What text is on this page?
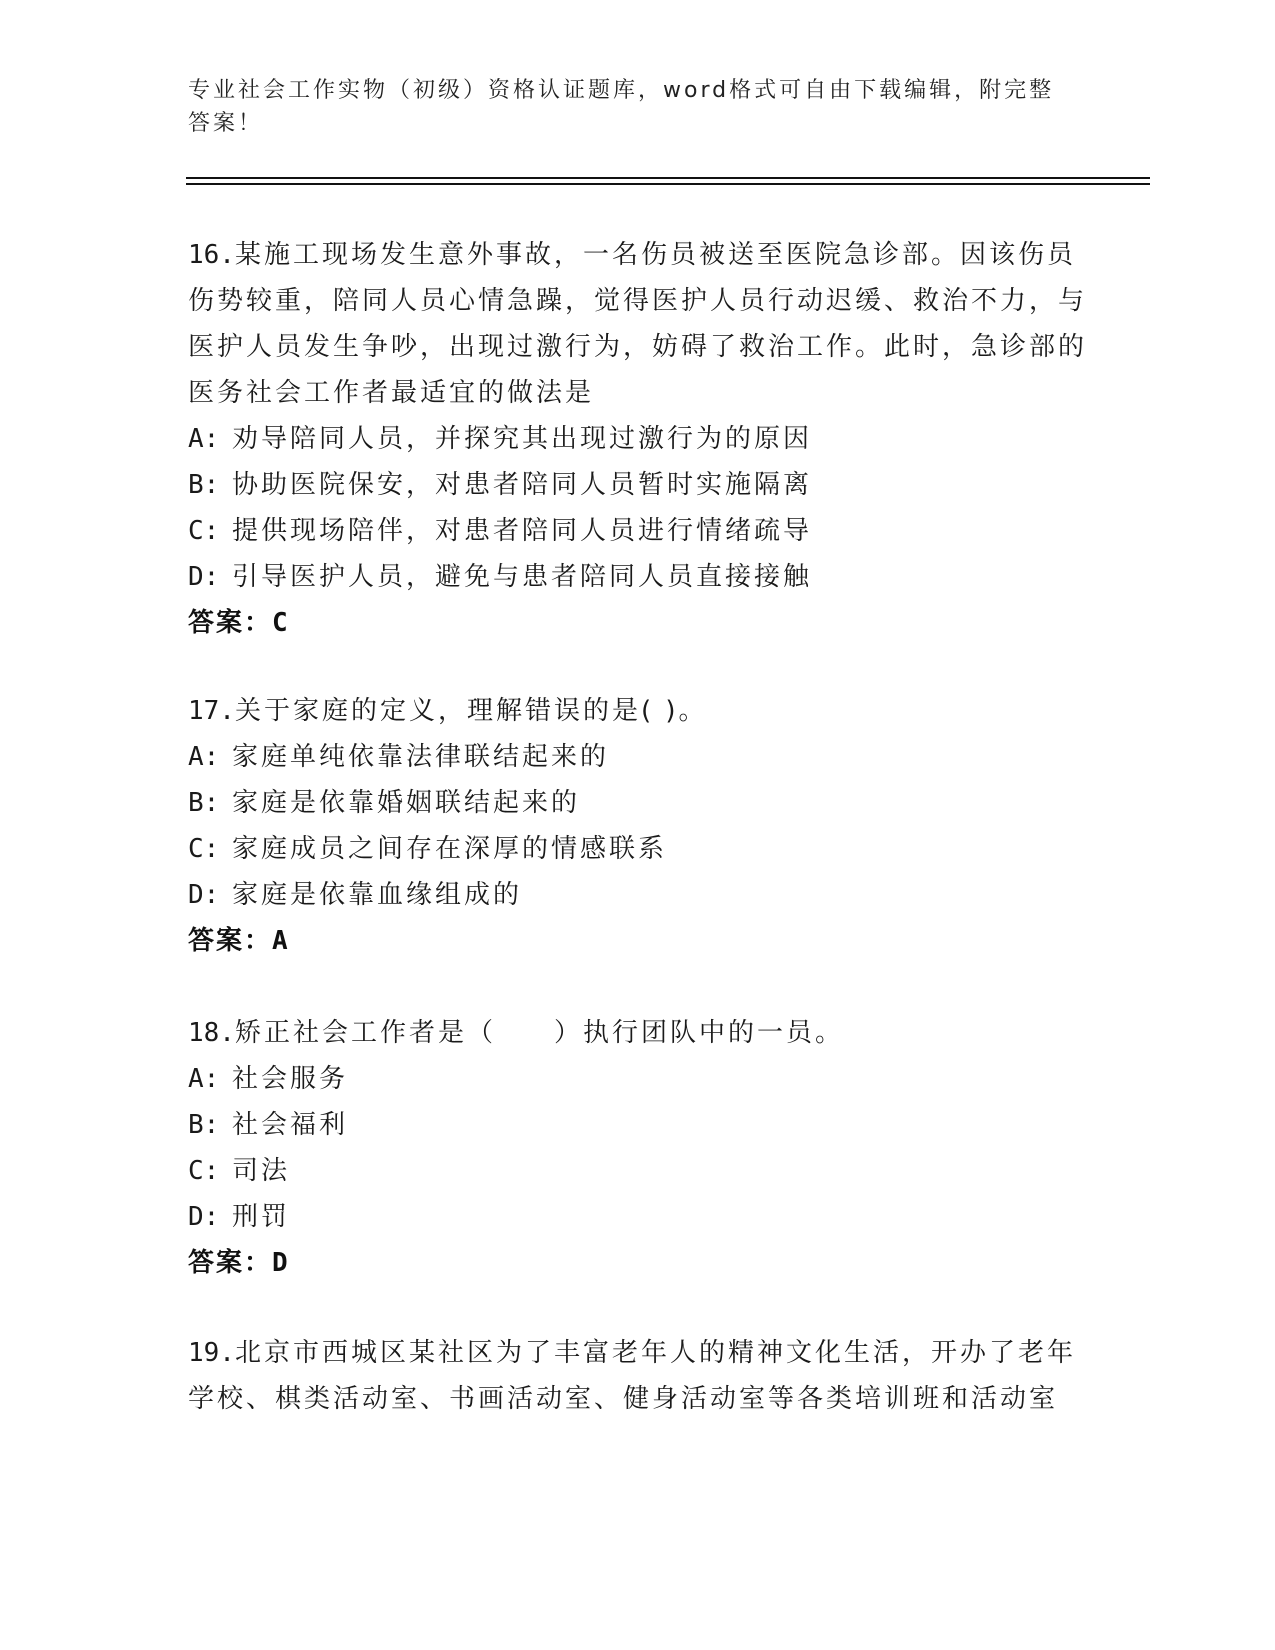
专业社会工作实物（初级）资格认证题库，word格式可自由下载编辑，附完整答案！

16.某施工现场发生意外事故，一名伤员被送至医院急诊部。因该伤员伤势较重，陪同人员心情急躁，觉得医护人员行动迟缓、救治不力，与医护人员发生争吵，出现过激行为，妨碍了救治工作。此时，急诊部的医务社会工作者最适宜的做法是

A: 劝导陪同人员，并探究其出现过激行为的原因

B: 协助医院保安，对患者陪同人员暂时实施隔离

C: 提供现场陪伴，对患者陪同人员进行情绪疏导

D: 引导医护人员，避免与患者陪同人员直接接触

答案：C

17.关于家庭的定义，理解错误的是( )。

A: 家庭单纯依靠法律联结起来的

B: 家庭是依靠婚姻联结起来的

C: 家庭成员之间存在深厚的情感联系

D: 家庭是依靠血缘组成的

答案：A

18.矫正社会工作者是（　　）执行团队中的一员。

A: 社会服务

B: 社会福利

C: 司法

D: 刑罚

答案：D

19.北京市西城区某社区为了丰富老年人的精神文化生活，开办了老年学校、棋类活动室、书画活动室、健身活动室等各类培训班和活动室
